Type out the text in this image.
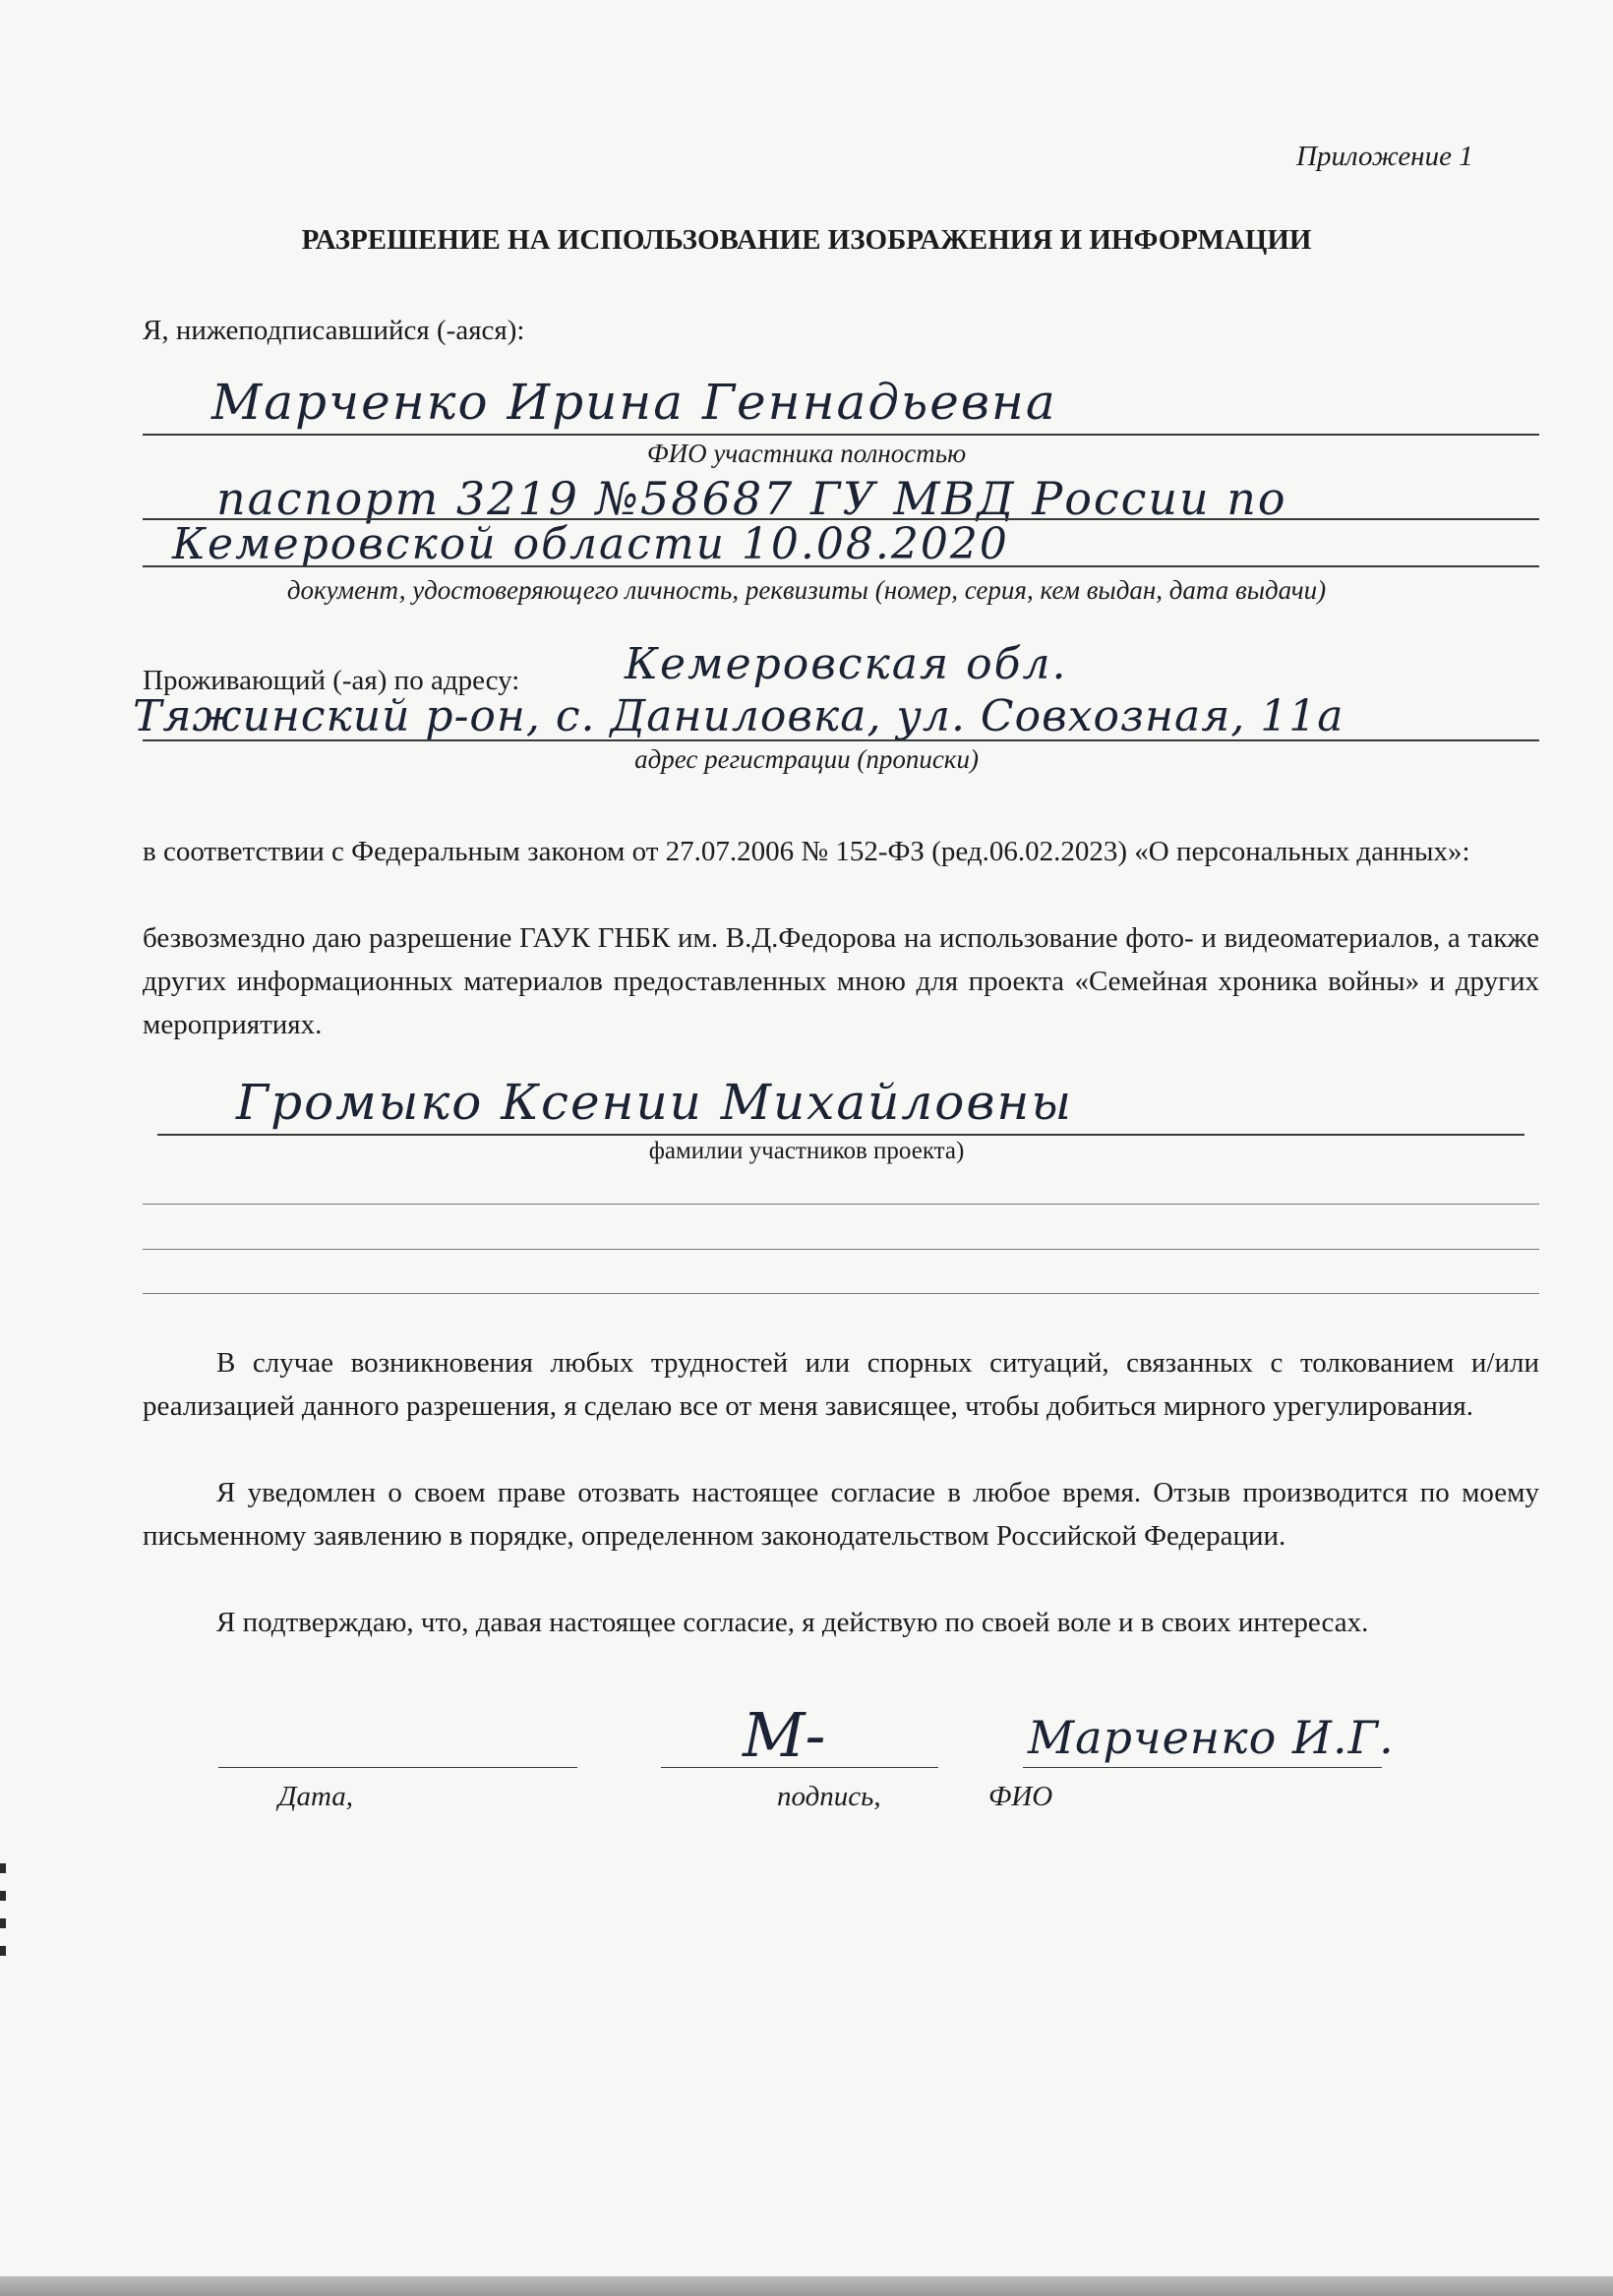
Приложение 1
РАЗРЕШЕНИЕ НА ИСПОЛЬЗОВАНИЕ ИЗОБРАЖЕНИЯ И ИНФОРМАЦИИ
Я, нижеподписавшийся (-аяся):
Марченко Ирина Геннадьевна
ФИО участника полностью
паспорт 3219 №58687 ГУ МВД России по
Кемеровской области 10.08.2020
документ, удостоверяющего личность, реквизиты (номер, серия, кем выдан, дата выдачи)
Проживающий (-ая) по адресу: Кемеровская обл.
Тяжинский р-он, с. Даниловка, ул. Совхозная, 11а
адрес регистрации (прописки)
в соответствии с Федеральным законом от 27.07.2006 № 152-ФЗ (ред.06.02.2023) «О персональных данных»:
безвозмездно даю разрешение ГАУК ГНБК им. В.Д.Федорова на использование фото- и видеоматериалов, а также других информационных материалов предоставленных мною для проекта «Семейная хроника войны» и других мероприятиях.
Громыко Ксении Михайловны
фамилии участников проекта)
В случае возникновения любых трудностей или спорных ситуаций, связанных с толкованием и/или реализацией данного разрешения, я сделаю все от меня зависящее, чтобы добиться мирного урегулирования.
Я уведомлен о своем праве отозвать настоящее согласие в любое время. Отзыв производится по моему письменному заявлению в порядке, определенном законодательством Российской Федерации.
Я подтверждаю, что, давая настоящее согласие, я действую по своей воле и в своих интересах.
М-	Марченко И.Г.
Дата,	подпись,	ФИО
